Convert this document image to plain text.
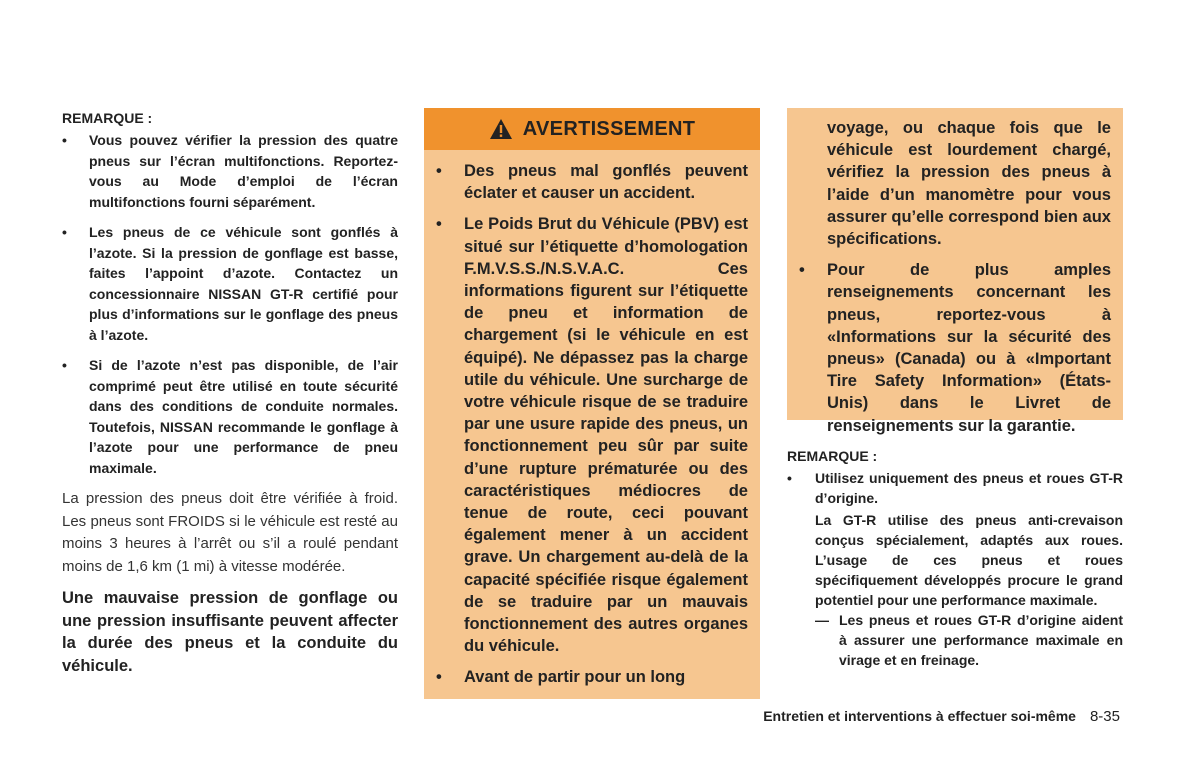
REMARQUE :
• Vous pouvez vérifier la pression des quatre pneus sur l’écran multifonctions. Reportez-vous au Mode d’emploi de l’écran multifonctions fourni séparément.
• Les pneus de ce véhicule sont gonflés à l’azote. Si la pression de gonflage est basse, faites l’appoint d’azote. Contactez un concessionnaire NISSAN GT-R certifié pour plus d’informations sur le gonflage des pneus à l’azote.
• Si de l’azote n’est pas disponible, de l’air comprimé peut être utilisé en toute sécurité dans des conditions de conduite normales. Toutefois, NISSAN recommande le gonflage à l’azote pour une performance de pneu maximale.

La pression des pneus doit être vérifiée à froid. Les pneus sont FROIDS si le véhicule est resté au moins 3 heures à l’arrêt ou s’il a roulé pendant moins de 1,6 km (1 mi) à vitesse modérée.

Une mauvaise pression de gonflage ou une pression insuffisante peuvent affecter la durée des pneus et la conduite du véhicule.

AVERTISSEMENT
• Des pneus mal gonflés peuvent éclater et causer un accident.
• Le Poids Brut du Véhicule (PBV) est situé sur l’étiquette d’homologation F.M.V.S.S./N.S.V.A.C. Ces informations figurent sur l’étiquette de pneu et information de chargement (si le véhicule en est équipé). Ne dépassez pas la charge utile du véhicule. Une surcharge de votre véhicule risque de se traduire par une usure rapide des pneus, un fonctionnement peu sûr par suite d’une rupture prématurée ou des caractéristiques médiocres de tenue de route, ceci pouvant également mener à un accident grave. Un chargement au-delà de la capacité spécifiée risque également de se traduire par un mauvais fonctionnement des autres organes du véhicule.
• Avant de partir pour un long

voyage, ou chaque fois que le véhicule est lourdement chargé, vérifiez la pression des pneus à l’aide d’un manomètre pour vous assurer qu’elle correspond bien aux spécifications.

• Pour de plus amples renseignements concernant les pneus, reportez-vous à «Informations sur la sécurité des pneus» (Canada) ou à «Important Tire Safety Information» (États-Unis) dans le Livret de renseignements sur la garantie.
REMARQUE :
• Utilisez uniquement des pneus et roues GT-R d’origine.
La GT-R utilise des pneus anti-crevaison conçus spécialement, adaptés aux roues. L’usage de ces pneus et roues spécifiquement développés procure le grand potentiel pour une performance maximale.
— Les pneus et roues GT-R d’origine aident à assurer une performance maximale en virage et en freinage.
Entretien et interventions à effectuer soi-même 8-35
